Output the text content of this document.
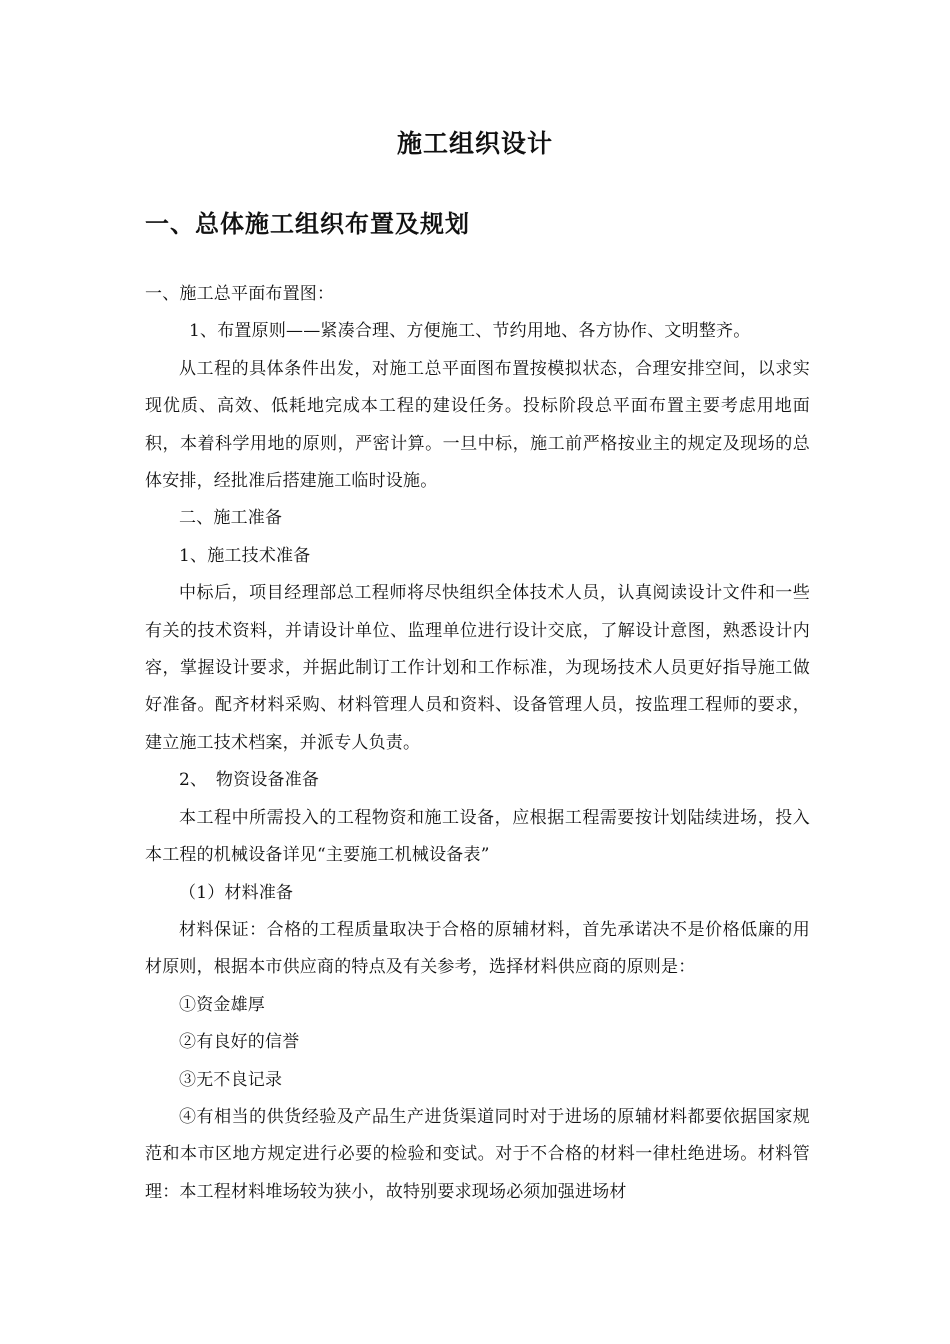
施工组织设计
一、总体施工组织布置及规划

一、施工总平面布置图：

1、布置原则——紧凑合理、方便施工、节约用地、各方协作、文明整齐。

从工程的具体条件出发，对施工总平面图布置按模拟状态，合理安排空间，以求实现优质、高效、低耗地完成本工程的建设任务。投标阶段总平面布置主要考虑用地面积，本着科学用地的原则，严密计算。一旦中标，施工前严格按业主的规定及现场的总体安排，经批准后搭建施工临时设施。

二、施工准备

1、施工技术准备

中标后，项目经理部总工程师将尽快组织全体技术人员，认真阅读设计文件和一些有关的技术资料，并请设计单位、监理单位进行设计交底，了解设计意图，熟悉设计内容，掌握设计要求，并据此制订工作计划和工作标准，为现场技术人员更好指导施工做好准备。配齐材料采购、材料管理人员和资料、设备管理人员，按监理工程师的要求，建立施工技术档案，并派专人负责。

2、　物资设备准备

本工程中所需投入的工程物资和施工设备，应根据工程需要按计划陆续进场，投入本工程的机械设备详见“主要施工机械设备表”

（1）材料准备

材料保证：合格的工程质量取决于合格的原辅材料，首先承诺决不是价格低廉的用材原则，根据本市供应商的特点及有关参考，选择材料供应商的原则是：

①资金雄厚

②有良好的信誉

③无不良记录

④有相当的供货经验及产品生产进货渠道同时对于进场的原辅材料都要依据国家规范和本市区地方规定进行必要的检验和变试。对于不合格的材料一律杜绝进场。材料管理：本工程材料堆场较为狭小，故特别要求现场必须加强进场材
